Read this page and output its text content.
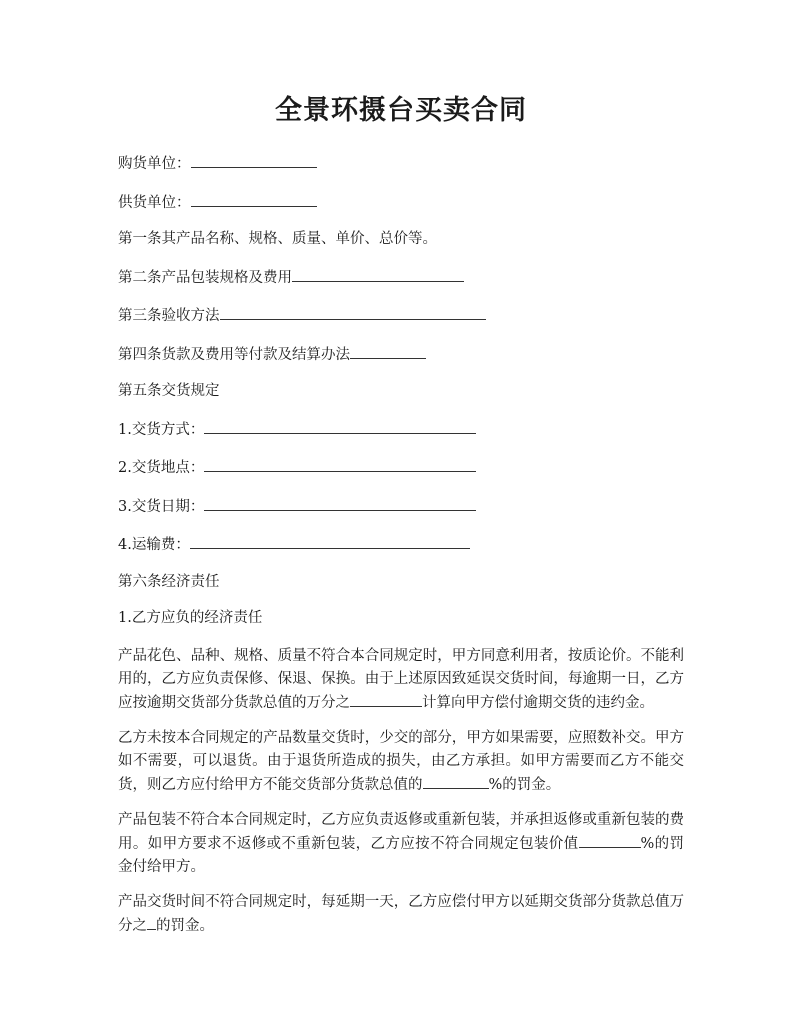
全景环摄台买卖合同
购货单位：
供货单位：
第一条其产品名称、规格、质量、单价、总价等。
第二条产品包装规格及费用
第三条验收方法
第四条货款及费用等付款及结算办法
第五条交货规定
1.交货方式：
2.交货地点：
3.交货日期：
4.运输费：
第六条经济责任
1.乙方应负的经济责任
产品花色、品种、规格、质量不符合本合同规定时，甲方同意利用者，按质论价。不能利用的，乙方应负责保修、保退、保换。由于上述原因致延误交货时间，每逾期一日，乙方应按逾期交货部分货款总值的万分之	计算向甲方偿付逾期交货的违约金。
乙方未按本合同规定的产品数量交货时，少交的部分，甲方如果需要，应照数补交。甲方如不需要，可以退货。由于退货所造成的损失，由乙方承担。如甲方需要而乙方不能交货，则乙方应付给甲方不能交货部分货款总值的	%的罚金。
产品包装不符合本合同规定时，乙方应负责返修或重新包装，并承担返修或重新包装的费用。如甲方要求不返修或不重新包装，乙方应按不符合同规定包装价值	%的罚金付给甲方。
产品交货时间不符合同规定时，每延期一天，乙方应偿付甲方以延期交货部分货款总值万分之 的罚金。
